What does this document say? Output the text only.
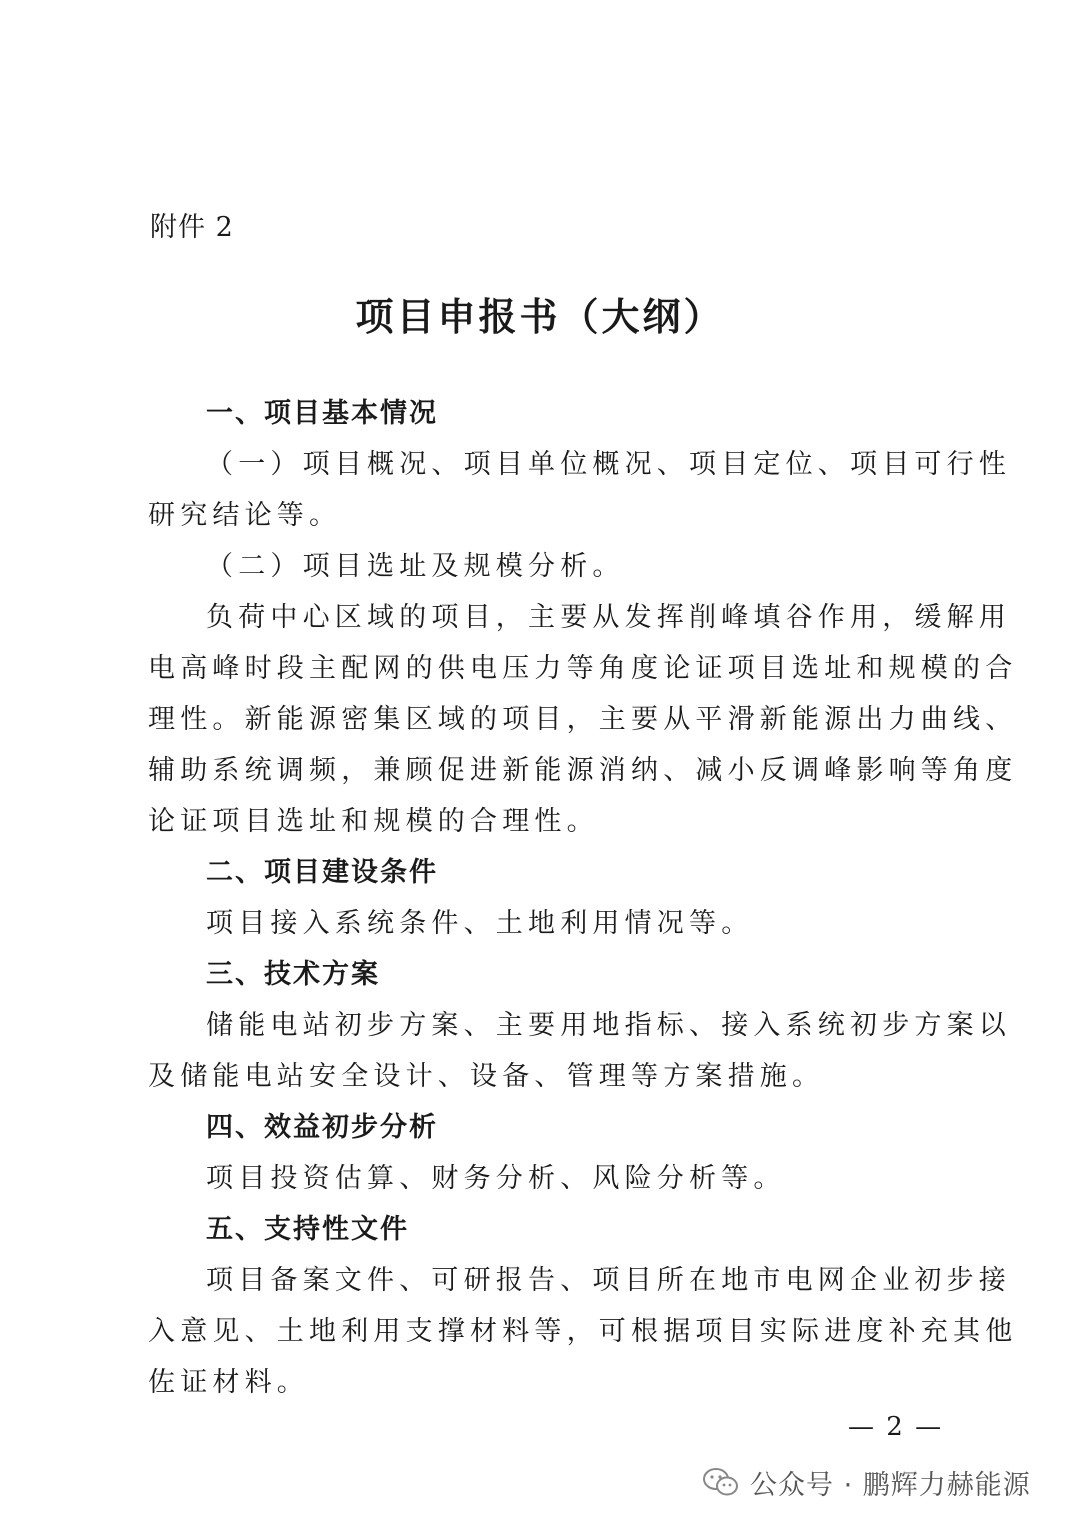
附件 2
项目申报书（大纲）
一、项目基本情况
（一）项目概况、项目单位概况、项目定位、项目可行性
研究结论等。
（二）项目选址及规模分析。
负荷中心区域的项目，主要从发挥削峰填谷作用，缓解用
电高峰时段主配网的供电压力等角度论证项目选址和规模的合
理性。新能源密集区域的项目，主要从平滑新能源出力曲线、
辅助系统调频，兼顾促进新能源消纳、减小反调峰影响等角度
论证项目选址和规模的合理性。
二、项目建设条件
项目接入系统条件、土地利用情况等。
三、技术方案
储能电站初步方案、主要用地指标、接入系统初步方案以
及储能电站安全设计、设备、管理等方案措施。
四、效益初步分析
项目投资估算、财务分析、风险分析等。
五、支持性文件
项目备案文件、可研报告、项目所在地市电网企业初步接
入意见、土地利用支撑材料等，可根据项目实际进度补充其他
佐证材料。
— 2 —
公众号 · 鹏辉力赫能源
